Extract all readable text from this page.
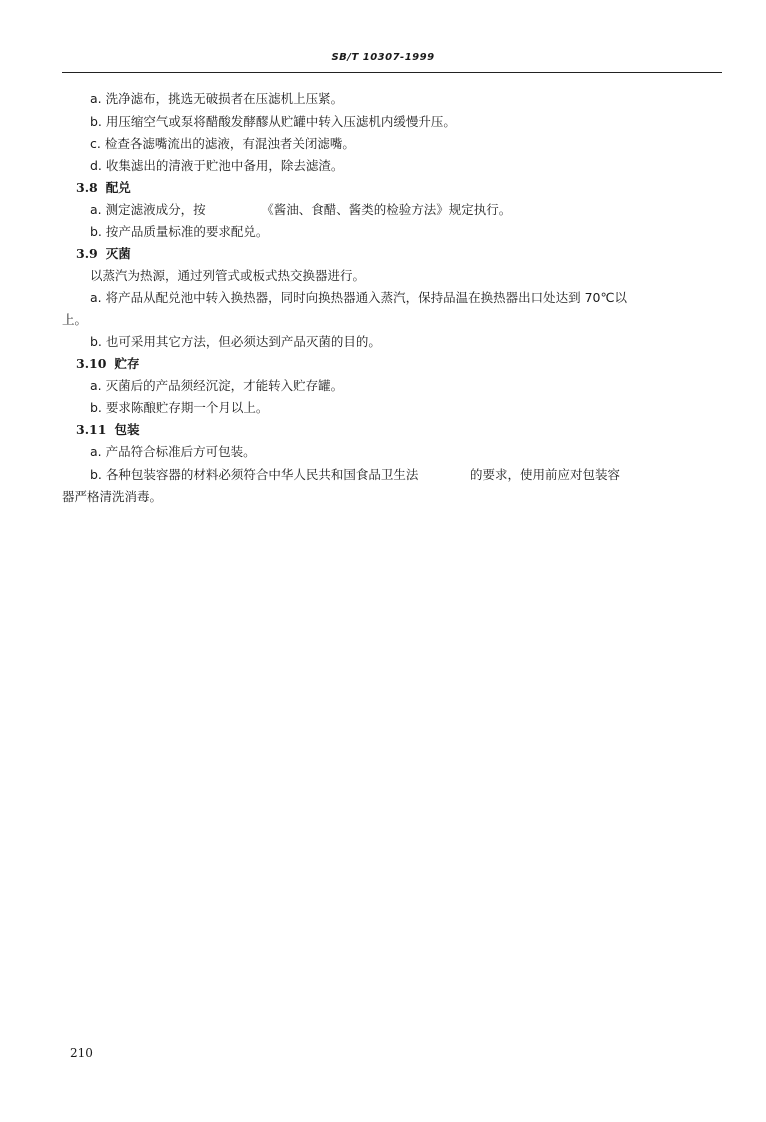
SB/T 10307-1999
a. 洗净滤布，挑选无破损者在压滤机上压紧。
b. 用压缩空气或泵将醋酸发酵醪从贮罐中转入压滤机内缓慢升压。
c. 检查各滤嘴流出的滤液，有混浊者关闭滤嘴。
d. 收集滤出的清液于贮池中备用，除去滤渣。
3.8 配兑
a. 测定滤液成分，按              《酱油、食醋、酱类的检验方法》规定执行。
b. 按产品质量标准的要求配兑。
3.9 灭菌
以蒸汽为热源，通过列管式或板式热交换器进行。
a. 将产品从配兑池中转入换热器，同时向换热器通入蒸汽，保持品温在换热器出口处达到 70℃以
上。
b. 也可采用其它方法，但必须达到产品灭菌的目的。
3.10 贮存
a. 灭菌后的产品须经沉淀，才能转入贮存罐。
b. 要求陈酿贮存期一个月以上。
3.11 包装
a. 产品符合标准后方可包装。
b. 各种包装容器的材料必须符合中华人民共和国食品卫生法             的要求，使用前应对包装容
器严格清洗消毒。
210
